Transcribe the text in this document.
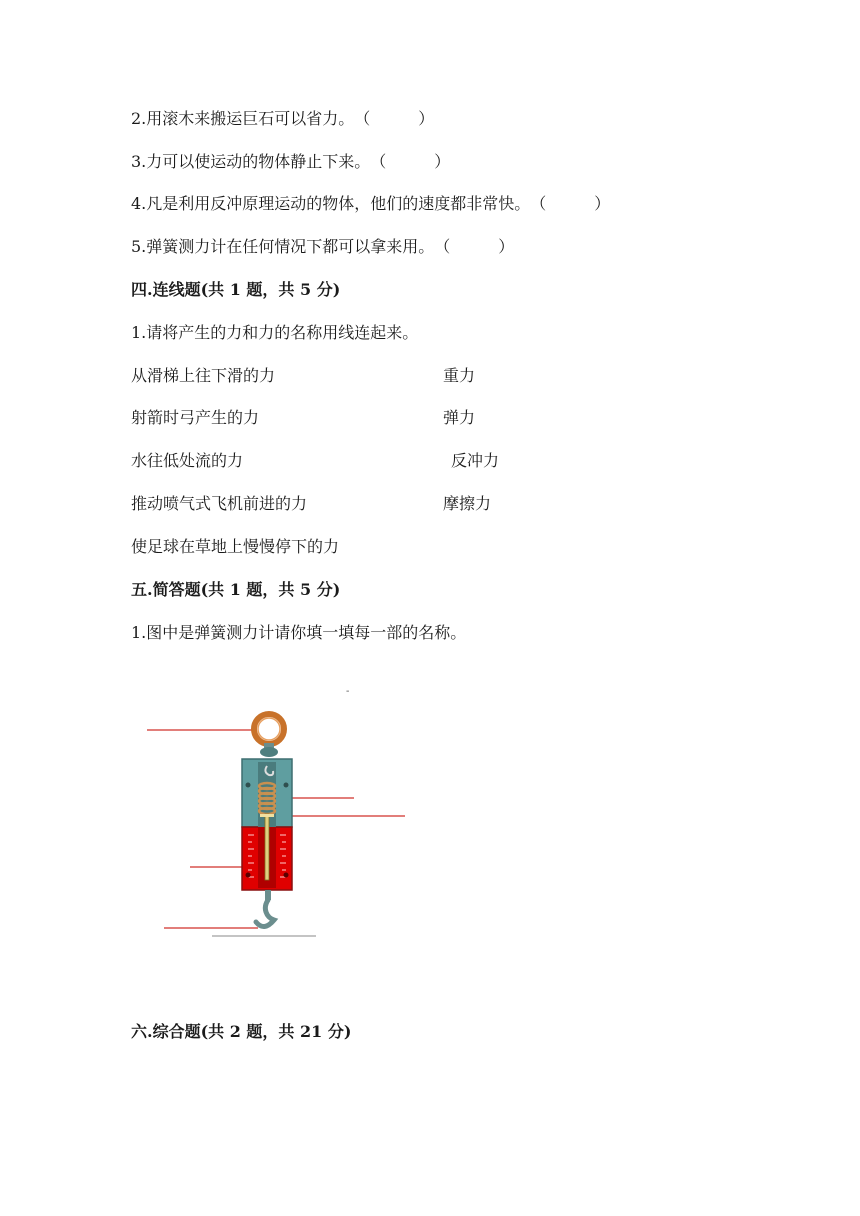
2.用滚木来搬运巨石可以省力。（　　　）
3.力可以使运动的物体静止下来。（　　　）
4.凡是利用反冲原理运动的物体，他们的速度都非常快。（　　　）
5.弹簧测力计在任何情况下都可以拿来用。（　　　）
四.连线题(共 1 题，共 5 分)
1.请将产生的力和力的名称用线连起来。
从滑梯上往下滑的力
射箭时弓产生的力
水往低处流的力
推动喷气式飞机前进的力
使足球在草地上慢慢停下的力
重力
弹力
反冲力
摩擦力
五.简答题(共 1 题，共 5 分)
1.图中是弹簧测力计请你填一填每一部的名称。
-
六.综合题(共 2 题，共 21 分)
